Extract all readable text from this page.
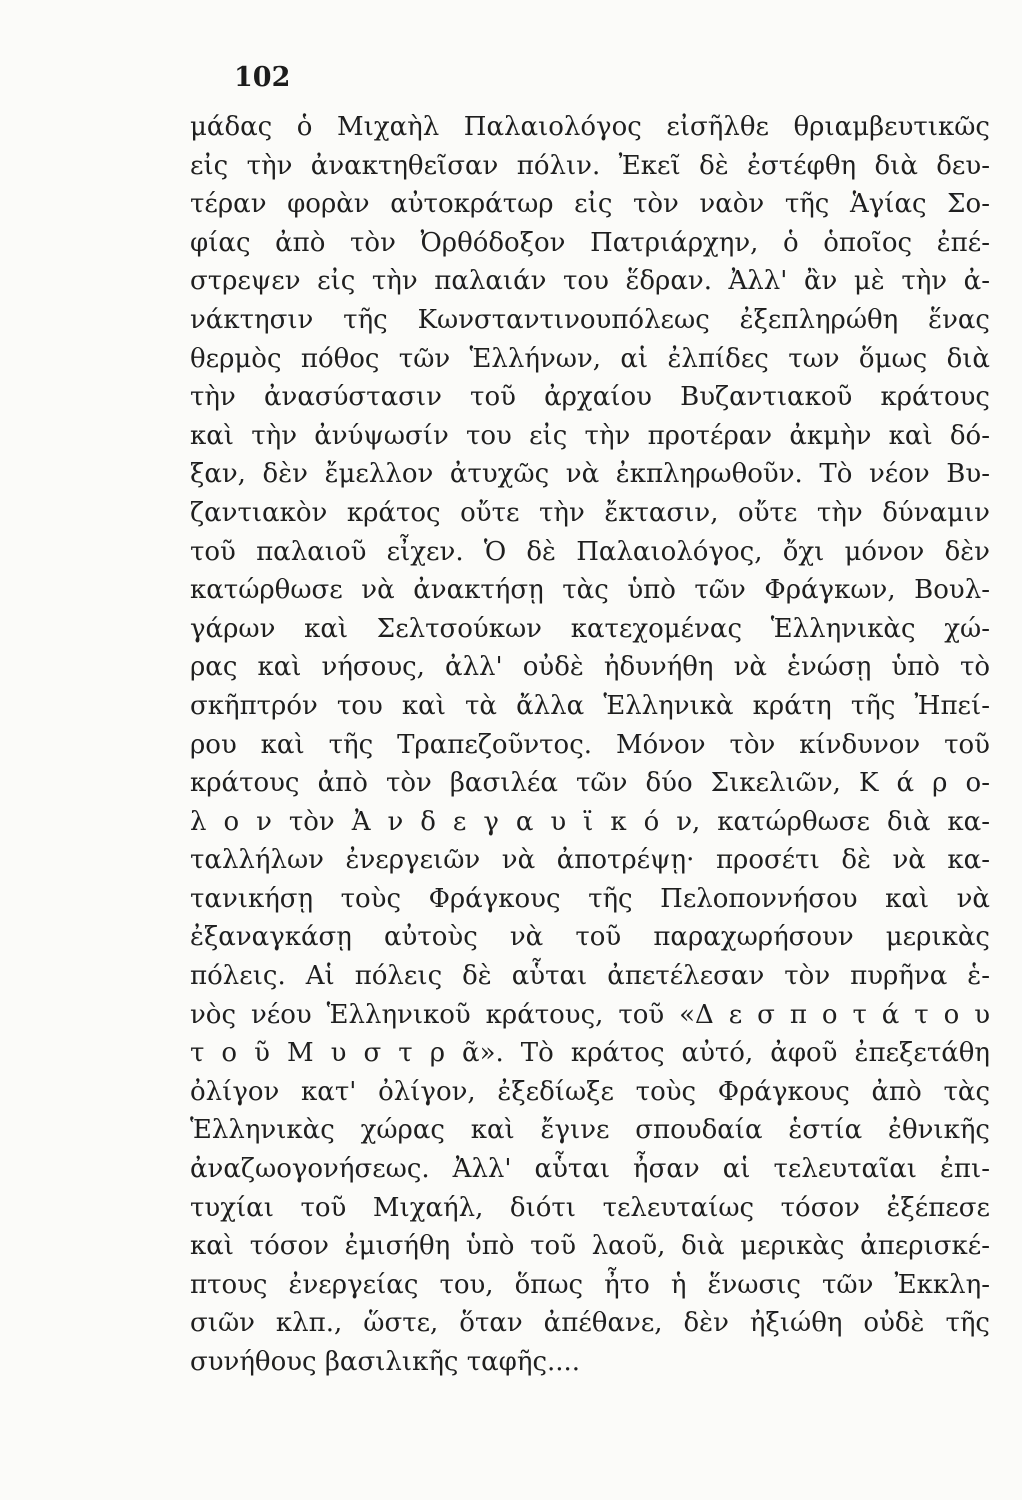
102
μάδας ὁ Μιχαὴλ Παλαιολόγος εἰσῆλθε θριαμβευτικῶς
εἰς τὴν ἀνακτηθεῖσαν πόλιν. Ἐκεῖ δὲ ἐστέφθη διὰ δευ-
τέραν φορὰν αὐτοκράτωρ εἰς τὸν ναὸν τῆς Ἁγίας Σο-
φίας ἀπὸ τὸν Ὀρθόδοξον Πατριάρχην, ὁ ὁποῖος ἐπέ-
στρεψεν εἰς τὴν παλαιάν του ἕδραν. Ἀλλ' ἂν μὲ τὴν ἀ-
νάκτησιν τῆς Κωνσταντινουπόλεως ἐξεπληρώθη ἕνας
θερμὸς πόθος τῶν Ἑλλήνων, αἱ ἐλπίδες των ὅμως διὰ
τὴν ἀνασύστασιν τοῦ ἀρχαίου Βυζαντιακοῦ κράτους
καὶ τὴν ἀνύψωσίν του εἰς τὴν προτέραν ἀκμὴν καὶ δό-
ξαν, δὲν ἔμελλον ἀτυχῶς νὰ ἐκπληρωθοῦν. Τὸ νέον Βυ-
ζαντιακὸν κράτος οὔτε τὴν ἔκτασιν, οὔτε τὴν δύναμιν
τοῦ παλαιοῦ εἶχεν. Ὁ δὲ Παλαιολόγος, ὄχι μόνον δὲν
κατώρθωσε νὰ ἀνακτήσῃ τὰς ὑπὸ τῶν Φράγκων, Βουλ-
γάρων καὶ Σελτσούκων κατεχομένας Ἑλληνικὰς χώ-
ρας καὶ νήσους, ἀλλ' οὐδὲ ἠδυνήθη νὰ ἑνώσῃ ὑπὸ τὸ
σκῆπτρόν του καὶ τὰ ἄλλα Ἑλληνικὰ κράτη τῆς Ἠπεί-
ρου καὶ τῆς Τραπεζοῦντος. Μόνον τὸν κίνδυνον τοῦ
κράτους ἀπὸ τὸν βασιλέα τῶν δύο Σικελιῶν, Κ ά ρ ο-
λ ο ν τὸν Ἀ ν δ ε γ α υ ϊ κ ό ν, κατώρθωσε διὰ κα-
ταλλήλων ἐνεργειῶν νὰ ἀποτρέψῃ· προσέτι δὲ νὰ κα-
τανικήσῃ τοὺς Φράγκους τῆς Πελοποννήσου καὶ νὰ
ἐξαναγκάσῃ αὐτοὺς νὰ τοῦ παραχωρήσουν μερικὰς
πόλεις. Αἱ πόλεις δὲ αὗται ἀπετέλεσαν τὸν πυρῆνα ἑ-
νὸς νέου Ἑλληνικοῦ κράτους, τοῦ «Δ ε σ π ο τ ά τ ο υ
τ ο ῦ Μ υ σ τ ρ ᾶ». Τὸ κράτος αὐτό, ἀφοῦ ἐπεξετάθη
ὀλίγον κατ' ὀλίγον, ἐξεδίωξε τοὺς Φράγκους ἀπὸ τὰς
Ἑλληνικὰς χώρας καὶ ἔγινε σπουδαία ἑστία ἐθνικῆς
ἀναζωογονήσεως. Ἀλλ' αὗται ἦσαν αἱ τελευταῖαι ἐπι-
τυχίαι τοῦ Μιχαήλ, διότι τελευταίως τόσον ἐξέπεσε
καὶ τόσον ἐμισήθη ὑπὸ τοῦ λαοῦ, διὰ μερικὰς ἀπερισκέ-
πτους ἐνεργείας του, ὅπως ἦτο ἡ ἕνωσις τῶν Ἐκκλη-
σιῶν κλπ., ὥστε, ὅταν ἀπέθανε, δὲν ἠξιώθη οὐδὲ τῆς
συνήθους βασιλικῆς ταφῆς....
